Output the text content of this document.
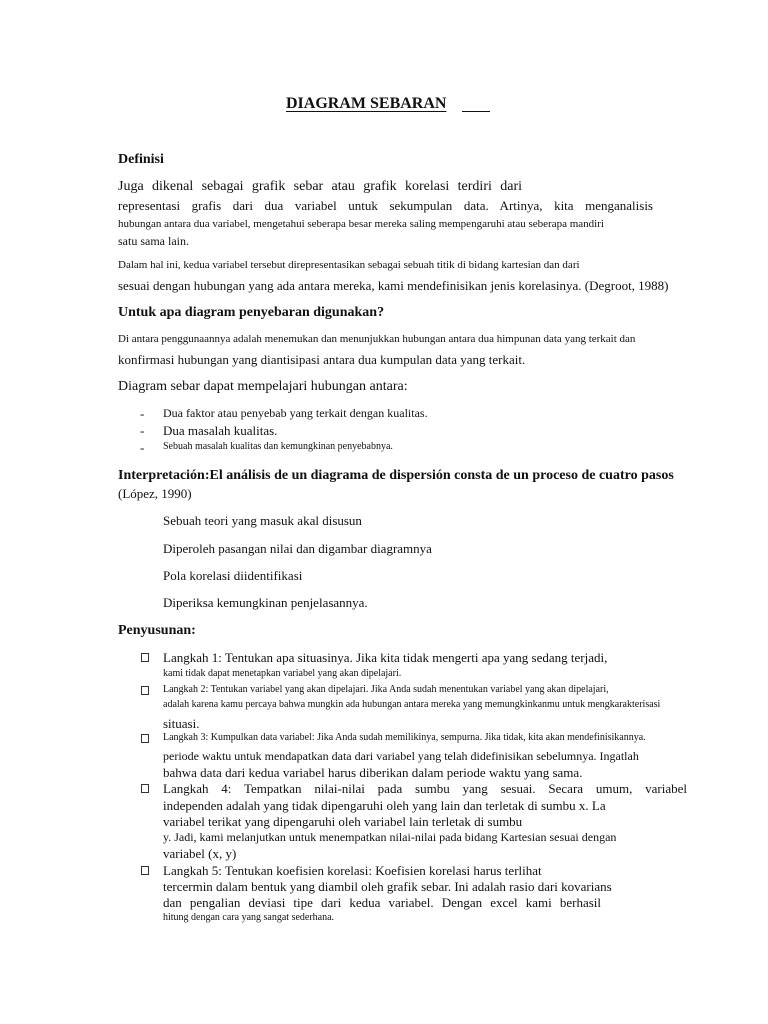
DIAGRAM SEBARAN
Definisi
Juga dikenal sebagai grafik sebar atau grafik korelasi terdiri dari
representasi grafis dari dua variabel untuk sekumpulan data. Artinya, kita menganalisis
hubungan antara dua variabel, mengetahui seberapa besar mereka saling mempengaruhi atau seberapa mandiri
satu sama lain.
Dalam hal ini, kedua variabel tersebut direpresentasikan sebagai sebuah titik di bidang kartesian dan dari
sesuai dengan hubungan yang ada antara mereka, kami mendefinisikan jenis korelasinya. (Degroot, 1988)
Untuk apa diagram penyebaran digunakan?
Di antara penggunaannya adalah menemukan dan menunjukkan hubungan antara dua himpunan data yang terkait dan
konfirmasi hubungan yang diantisipasi antara dua kumpulan data yang terkait.
Diagram sebar dapat mempelajari hubungan antara:
- Dua faktor atau penyebab yang terkait dengan kualitas.
- Dua masalah kualitas.
- Sebuah masalah kualitas dan kemungkinan penyebabnya.
Interpretación:El análisis de un diagrama de dispersión consta de un proceso de cuatro pasos
(López, 1990)
Sebuah teori yang masuk akal disusun
Diperoleh pasangan nilai dan digambar diagramnya
Pola korelasi diidentifikasi
Diperiksa kemungkinan penjelasannya.
Penyusunan:
Langkah 1: Tentukan apa situasinya. Jika kita tidak mengerti apa yang sedang terjadi,
kami tidak dapat menetapkan variabel yang akan dipelajari.
Langkah 2: Tentukan variabel yang akan dipelajari. Jika Anda sudah menentukan variabel yang akan dipelajari,
adalah karena kamu percaya bahwa mungkin ada hubungan antara mereka yang memungkinkanmu untuk mengkarakterisasi
situasi.
Langkah 3: Kumpulkan data variabel: Jika Anda sudah memilikinya, sempurna. Jika tidak, kita akan mendefinisikannya.
periode waktu untuk mendapatkan data dari variabel yang telah didefinisikan sebelumnya. Ingatlah
bahwa data dari kedua variabel harus diberikan dalam periode waktu yang sama.
Langkah 4: Tempatkan nilai-nilai pada sumbu yang sesuai. Secara umum, variabel
independen adalah yang tidak dipengaruhi oleh yang lain dan terletak di sumbu x. La
variabel terikat yang dipengaruhi oleh variabel lain terletak di sumbu
y. Jadi, kami melanjutkan untuk menempatkan nilai-nilai pada bidang Kartesian sesuai dengan
variabel (x, y)
Langkah 5: Tentukan koefisien korelasi: Koefisien korelasi harus terlihat
tercermin dalam bentuk yang diambil oleh grafik sebar. Ini adalah rasio dari kovarians
dan pengalian deviasi tipe dari kedua variabel. Dengan excel kami berhasil
hitung dengan cara yang sangat sederhana.
